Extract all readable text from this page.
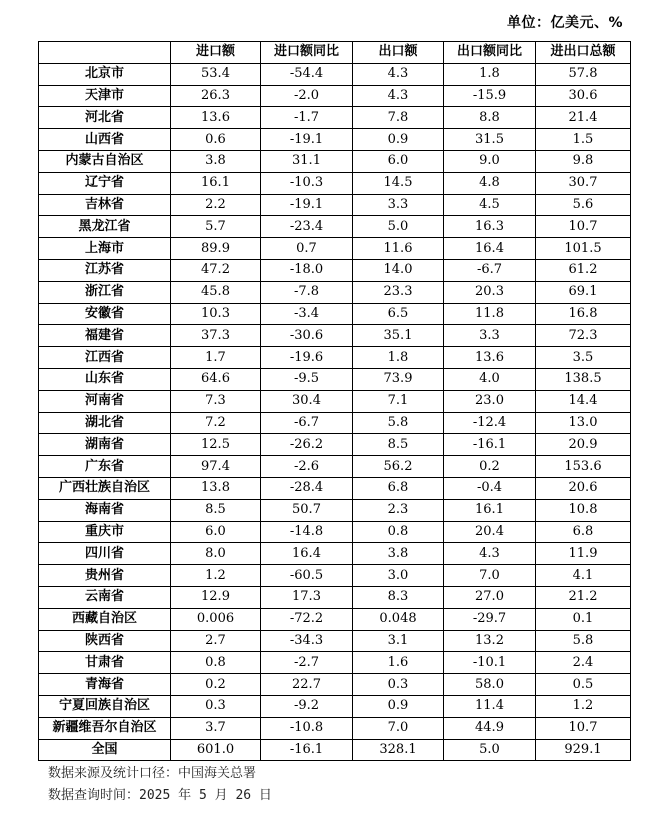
单位：亿美元、%
	进口额	进口额同比	出口额	出口额同比	进出口总额
北京市	53.4	-54.4	4.3	1.8	57.8
天津市	26.3	-2.0	4.3	-15.9	30.6
河北省	13.6	-1.7	7.8	8.8	21.4
山西省	0.6	-19.1	0.9	31.5	1.5
内蒙古自治区	3.8	31.1	6.0	9.0	9.8
辽宁省	16.1	-10.3	14.5	4.8	30.7
吉林省	2.2	-19.1	3.3	4.5	5.6
黑龙江省	5.7	-23.4	5.0	16.3	10.7
上海市	89.9	0.7	11.6	16.4	101.5
江苏省	47.2	-18.0	14.0	-6.7	61.2
浙江省	45.8	-7.8	23.3	20.3	69.1
安徽省	10.3	-3.4	6.5	11.8	16.8
福建省	37.3	-30.6	35.1	3.3	72.3
江西省	1.7	-19.6	1.8	13.6	3.5
山东省	64.6	-9.5	73.9	4.0	138.5
河南省	7.3	30.4	7.1	23.0	14.4
湖北省	7.2	-6.7	5.8	-12.4	13.0
湖南省	12.5	-26.2	8.5	-16.1	20.9
广东省	97.4	-2.6	56.2	0.2	153.6
广西壮族自治区	13.8	-28.4	6.8	-0.4	20.6
海南省	8.5	50.7	2.3	16.1	10.8
重庆市	6.0	-14.8	0.8	20.4	6.8
四川省	8.0	16.4	3.8	4.3	11.9
贵州省	1.2	-60.5	3.0	7.0	4.1
云南省	12.9	17.3	8.3	27.0	21.2
西藏自治区	0.006	-72.2	0.048	-29.7	0.1
陕西省	2.7	-34.3	3.1	13.2	5.8
甘肃省	0.8	-2.7	1.6	-10.1	2.4
青海省	0.2	22.7	0.3	58.0	0.5
宁夏回族自治区	0.3	-9.2	0.9	11.4	1.2
新疆维吾尔自治区	3.7	-10.8	7.0	44.9	10.7
全国	601.0	-16.1	328.1	5.0	929.1
数据来源及统计口径：中国海关总署
数据查询时间：2025 年 5 月 26 日
